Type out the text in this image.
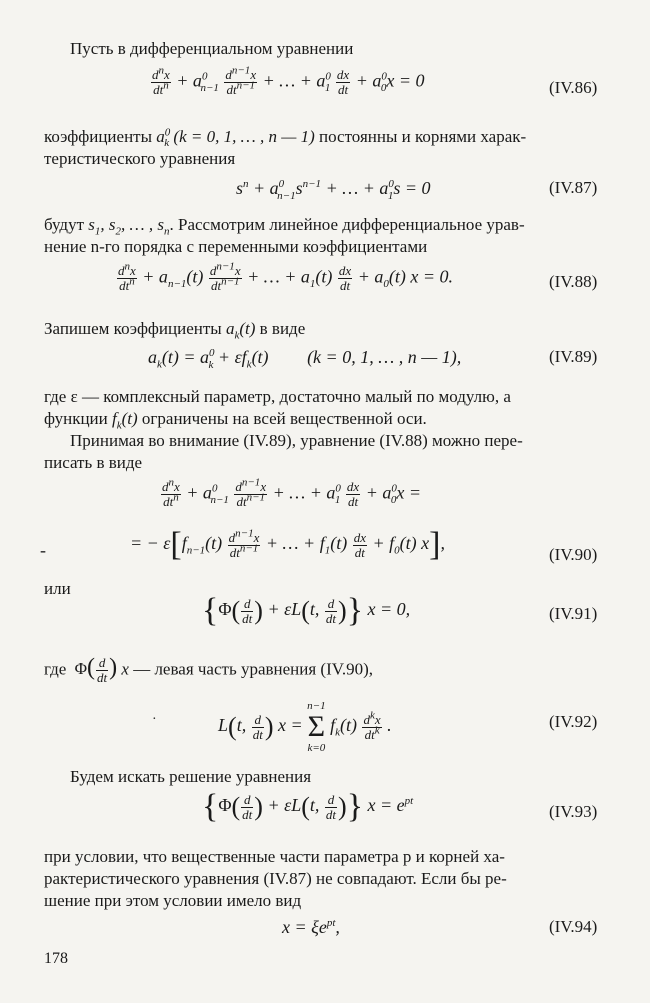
Пусть в дифференциальном уравнении
$\frac{d^nx}{dt^n} + a^0_{n-1} \frac{d^{n-1}x}{dt^{n-1}}$ + … + $a^0_1 \frac{dx}{dt} + a^0_0x = 0$	(IV.86)
коэффициенты $a^0_k$ (k = 0, 1, … , n — 1) постоянны и корнями харак-
теристического уравнения
$s^n + a^0_{n-1}s^{n-1}$ + … + $a^0_1s = 0$	(IV.87)
будут $s_1$, $s_2$, … , $s_n$. Рассмотрим линейное дифференциальное урав-
нение n-го порядка с переменными коэффициентами
$\frac{d^nx}{dt^n} + a_{n-1}(t) \frac{d^{n-1}x}{dt^{n-1}}$ + … + $a_1(t) \frac{dx}{dt} + a_0(t) x = 0$.	(IV.88)
Запишем коэффициенты $a_k(t)$ в виде
$a_k(t) = a^0_k + \varepsilon f_k(t) (k = 0$, 1, … , n — 1),	(IV.89)
где ε — комплексный параметр, достаточно малый по модулю, а
функции $f_k(t)$ ограничены на всей вещественной оси.
Принимая во внимание (IV.89), уравнение (IV.88) можно пере-
писать в виде
$\frac{d^nx}{dt^n} + a^0_{n-1} \frac{d^{n-1}x}{dt^{n-1}}$ + … + $a^0_1 \frac{dx}{dt} + a^0_0x$ =
-	= − $\varepsilon[f_{n-1}(t) \frac{d^{n-1}x}{dt^{n-1}}$ + … + $f_1(t) \frac{dx}{dt} + f_0(t)$ x],
(IV.90)
или
{$\Phi( \frac{d}{dt}$ ) + εL(t, $\frac{d}{dt}$ )} x = 0,	(IV.91)
где $\Phi( \frac{d}{dt}$ ) x — левая часть уравнения (IV.90),
·	L(t, $\frac{d}{dt}$ ) x =
n−1
Σ
k=0
$f_k(t) \frac{d^kx}{dt^k}$ .	(IV.92)
Будем искать решение уравнения
{$\Phi( \frac{d}{dt}$ ) + εL(t, $\frac{d}{dt}$ )} $x = e^{pt}$
(IV.93)
при условии, что вещественные части параметра p и корней ха-
рактеристического уравнения (IV.87) не совпадают. Если бы ре-
шение при этом условии имело вид
$x = \xi e^{pt}$,	(IV.94)
178
